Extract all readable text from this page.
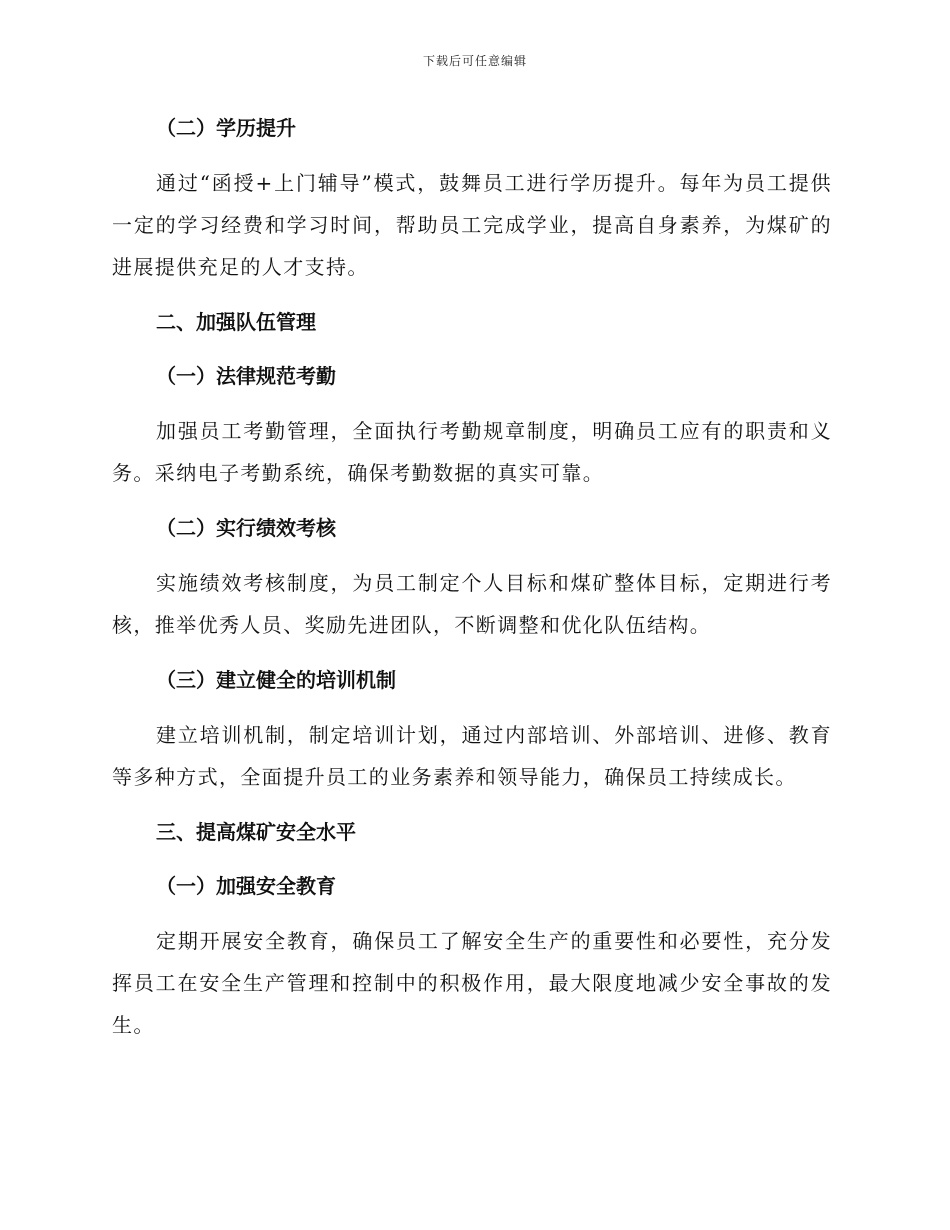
下载后可任意编辑
（二）学历提升

通过“函授+上门辅导”模式，鼓舞员工进行学历提升。每年为员工提供一定的学习经费和学习时间，帮助员工完成学业，提高自身素养，为煤矿的进展提供充足的人才支持。

二、加强队伍管理
（一）法律规范考勤

加强员工考勤管理，全面执行考勤规章制度，明确员工应有的职责和义务。采纳电子考勤系统，确保考勤数据的真实可靠。

（二）实行绩效考核

实施绩效考核制度，为员工制定个人目标和煤矿整体目标，定期进行考核，推举优秀人员、奖励先进团队，不断调整和优化队伍结构。

（三）建立健全的培训机制

建立培训机制，制定培训计划，通过内部培训、外部培训、进修、教育等多种方式，全面提升员工的业务素养和领导能力，确保员工持续成长。

三、提高煤矿安全水平
（一）加强安全教育

定期开展安全教育，确保员工了解安全生产的重要性和必要性，充分发挥员工在安全生产管理和控制中的积极作用，最大限度地减少安全事故的发生。
